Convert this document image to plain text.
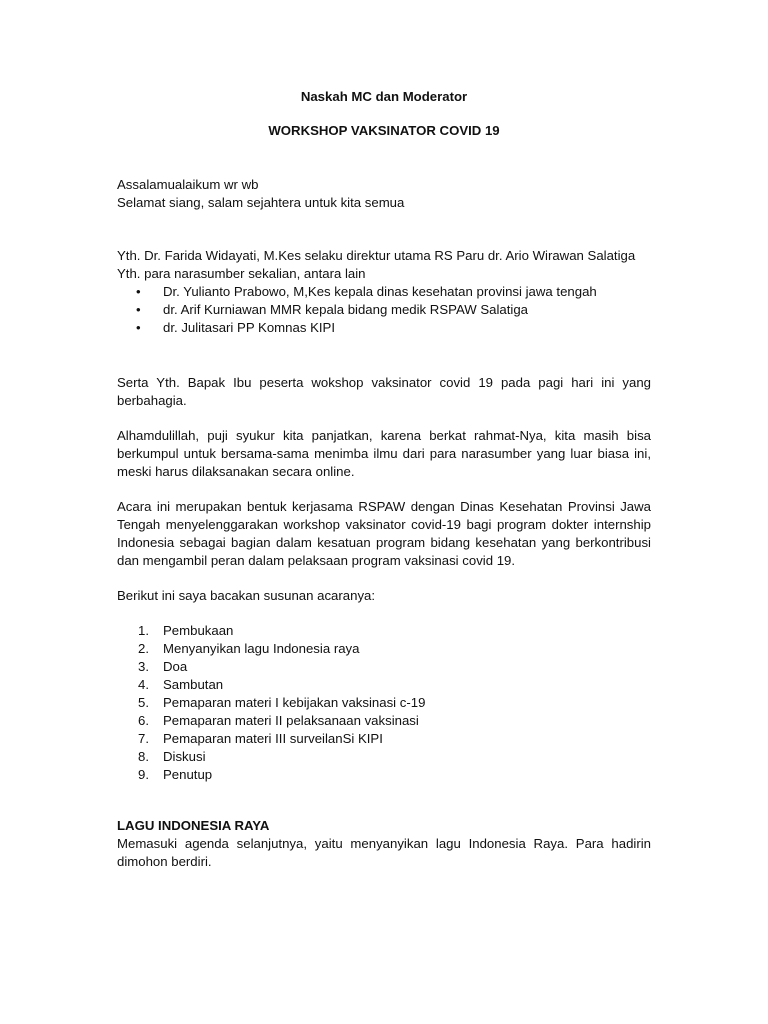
Naskah MC dan Moderator

WORKSHOP VAKSINATOR COVID 19

Assalamualaikum wr wb

Selamat siang, salam sejahtera untuk kita semua

Yth. Dr. Farida Widayati, M.Kes selaku direktur utama RS Paru dr. Ario Wirawan Salatiga

Yth. para narasumber sekalian, antara lain

• Dr. Yulianto Prabowo, M,Kes kepala dinas kesehatan provinsi jawa tengah
• dr. Arif Kurniawan MMR kepala bidang medik RSPAW Salatiga
• dr. Julitasari PP Komnas KIPI

Serta Yth. Bapak Ibu peserta wokshop vaksinator covid 19 pada pagi hari ini yang berbahagia.

Alhamdulillah, puji syukur kita panjatkan, karena berkat rahmat-Nya, kita masih bisa berkumpul untuk bersama-sama menimba ilmu dari para narasumber yang luar biasa ini, meski harus dilaksanakan secara online.

Acara ini merupakan bentuk kerjasama RSPAW dengan Dinas Kesehatan Provinsi Jawa Tengah menyelenggarakan workshop vaksinator covid-19 bagi program dokter internship Indonesia sebagai bagian dalam kesatuan program bidang kesehatan yang berkontribusi dan mengambil peran dalam pelaksaan program vaksinasi covid 19.

Berikut ini saya bacakan susunan acaranya:

1. Pembukaan
2. Menyanyikan lagu Indonesia raya
3. Doa
4. Sambutan
5. Pemaparan materi I kebijakan vaksinasi c-19
6. Pemaparan materi II pelaksanaan vaksinasi
7. Pemaparan materi III surveilanSi KIPI
8. Diskusi
9. Penutup

LAGU INDONESIA RAYA

Memasuki agenda selanjutnya, yaitu menyanyikan lagu Indonesia Raya. Para hadirin dimohon berdiri.
